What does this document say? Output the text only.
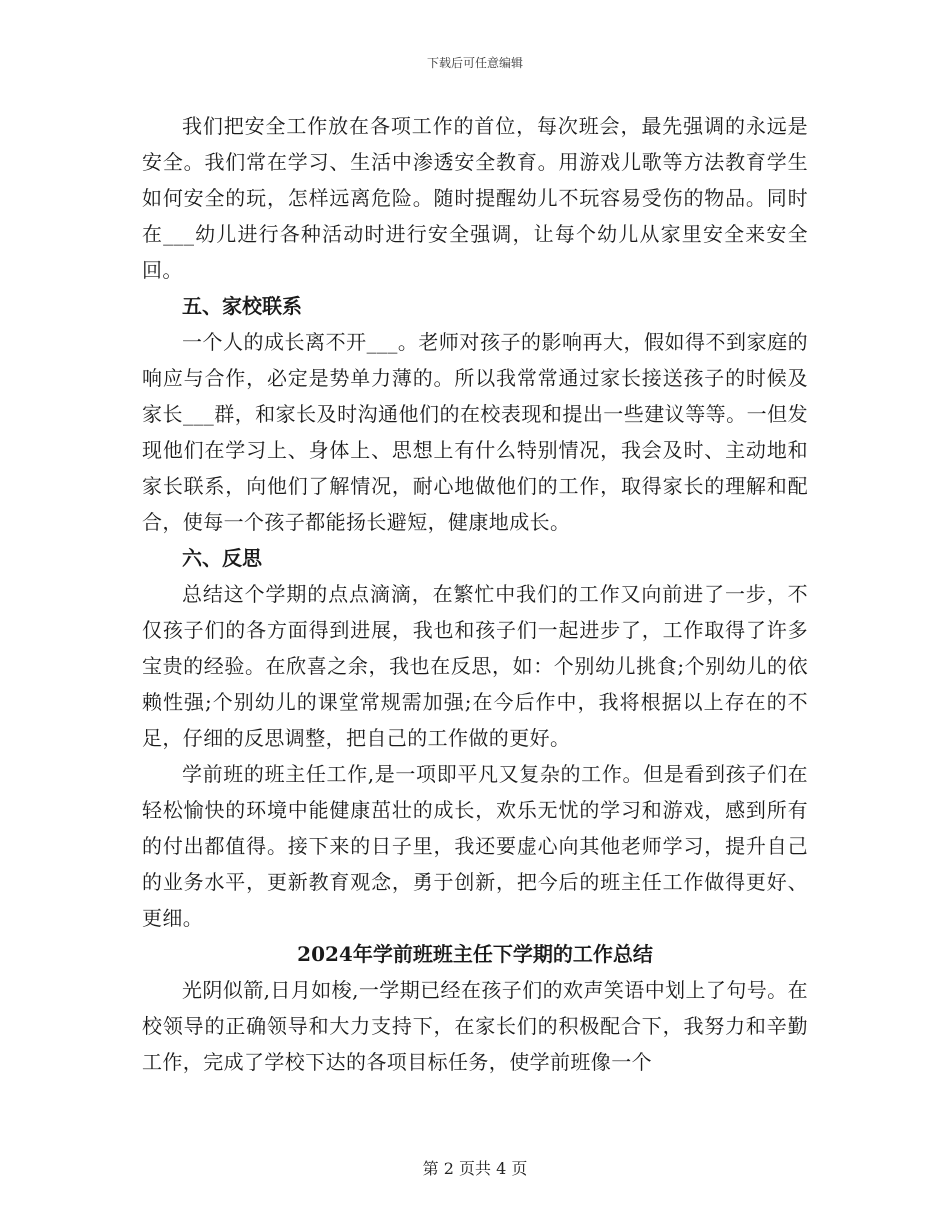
下载后可任意编辑

我们把安全工作放在各项工作的首位，每次班会，最先强调的永远是安全。我们常在学习、生活中渗透安全教育。用游戏儿歌等方法教育学生如何安全的玩，怎样远离危险。随时提醒幼儿不玩容易受伤的物品。同时在___幼儿进行各种活动时进行安全强调，让每个幼儿从家里安全来安全回。

五、家校联系

一个人的成长离不开___。老师对孩子的影响再大，假如得不到家庭的响应与合作，必定是势单力薄的。所以我常常通过家长接送孩子的时候及家长___群，和家长及时沟通他们的在校表现和提出一些建议等等。一但发现他们在学习上、身体上、思想上有什么特别情况，我会及时、主动地和家长联系，向他们了解情况，耐心地做他们的工作，取得家长的理解和配合，使每一个孩子都能扬长避短，健康地成长。

六、反思

总结这个学期的点点滴滴，在繁忙中我们的工作又向前进了一步，不仅孩子们的各方面得到进展，我也和孩子们一起进步了，工作取得了许多宝贵的经验。在欣喜之余，我也在反思，如：个别幼儿挑食;个别幼儿的依赖性强;个别幼儿的课堂常规需加强;在今后作中，我将根据以上存在的不足，仔细的反思调整，把自己的工作做的更好。

学前班的班主任工作,是一项即平凡又复杂的工作。但是看到孩子们在轻松愉快的环境中能健康茁壮的成长，欢乐无忧的学习和游戏，感到所有的付出都值得。接下来的日子里，我还要虚心向其他老师学习，提升自己的业务水平，更新教育观念，勇于创新，把今后的班主任工作做得更好、更细。

2024年学前班班主任下学期的工作总结

光阴似箭,日月如梭,一学期已经在孩子们的欢声笑语中划上了句号。在校领导的正确领导和大力支持下，在家长们的积极配合下，我努力和辛勤工作，完成了学校下达的各项目标任务，使学前班像一个

第 2 页共 4 页
